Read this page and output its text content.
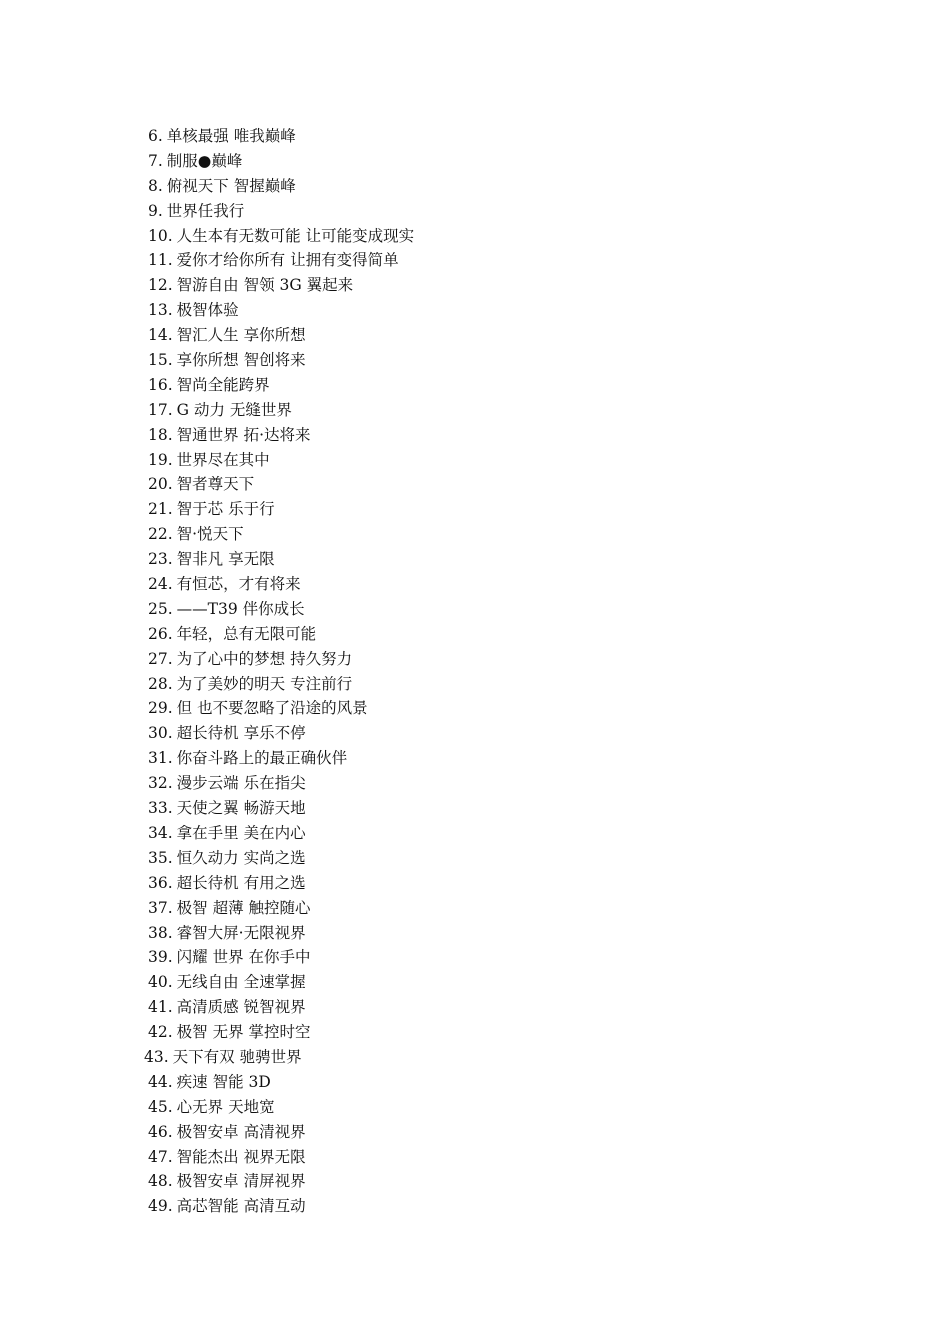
6. 单核最强 唯我巅峰
7. 制服●巅峰
8. 俯视天下 智握巅峰
9. 世界任我行
10. 人生本有无数可能 让可能变成现实
11. 爱你才给你所有 让拥有变得简单
12. 智游自由 智领 3G 翼起来
13. 极智体验
14. 智汇人生 享你所想
15. 享你所想 智创将来
16. 智尚全能跨界
17. G 动力 无缝世界
18. 智通世界 拓·达将来
19. 世界尽在其中
20. 智者尊天下
21. 智于芯 乐于行
22. 智·悦天下
23. 智非凡 享无限
24. 有恒芯，才有将来
25. ——T39 伴你成长
26. 年轻，总有无限可能
27. 为了心中的梦想 持久努力
28. 为了美妙的明天 专注前行
29. 但 也不要忽略了沿途的风景
30. 超长待机 享乐不停
31. 你奋斗路上的最正确伙伴
32. 漫步云端 乐在指尖
33. 天使之翼 畅游天地
34. 拿在手里 美在内心
35. 恒久动力 实尚之选
36. 超长待机 有用之选
37. 极智 超薄 触控随心
38. 睿智大屏·无限视界
39. 闪耀 世界 在你手中
40. 无线自由 全速掌握
41. 高清质感 锐智视界
42. 极智 无界 掌控时空
43. 天下有双 驰骋世界
44. 疾速 智能 3D
45. 心无界 天地宽
46. 极智安卓 高清视界
47. 智能杰出 视界无限
48. 极智安卓 清屏视界
49. 高芯智能 高清互动
